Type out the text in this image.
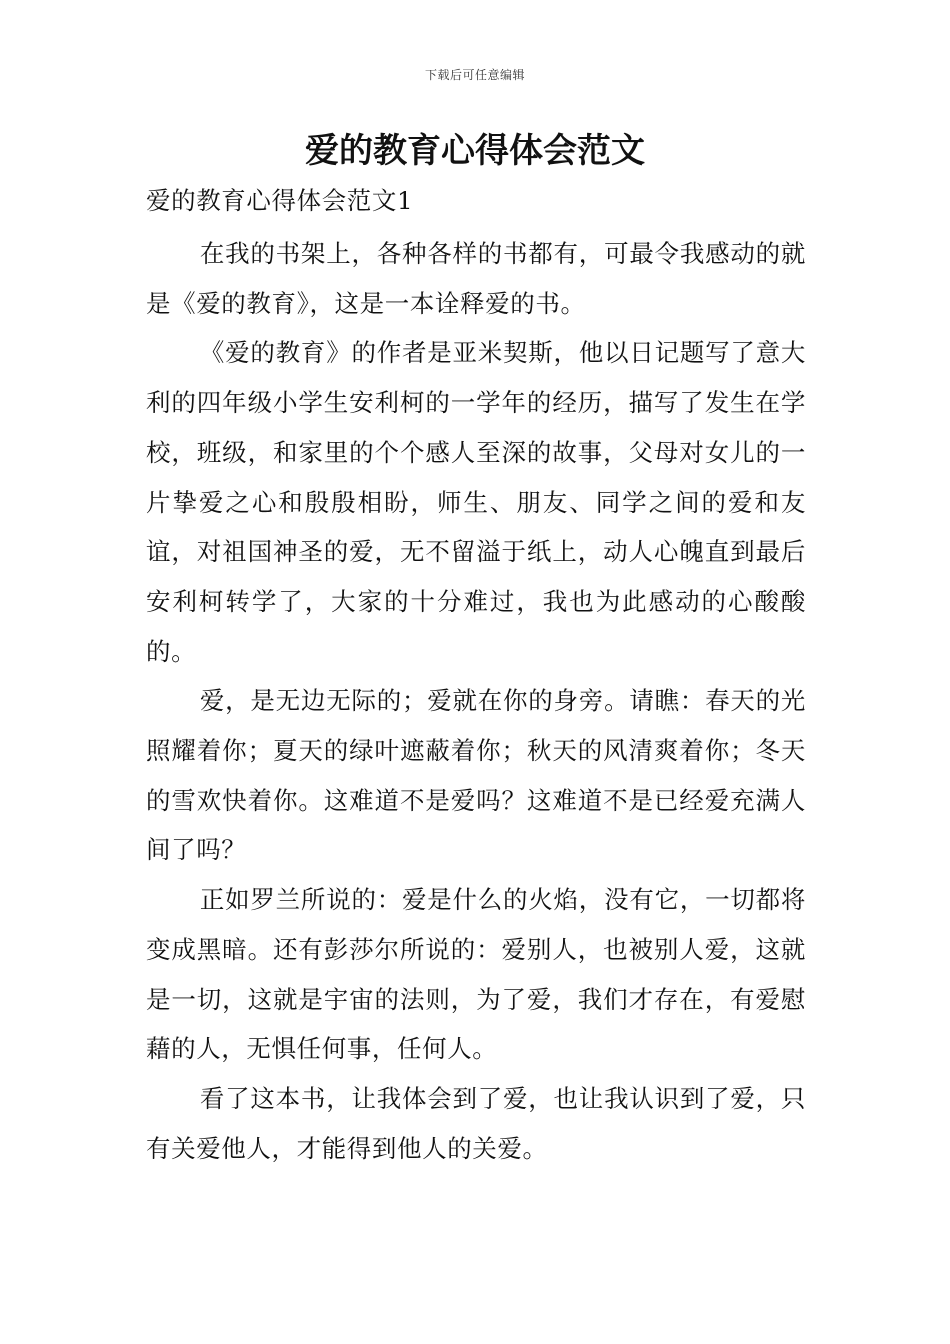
下载后可任意编辑
爱的教育心得体会范文

爱的教育心得体会范文1

在我的书架上，各种各样的书都有，可最令我感动的就是《爱的教育》，这是一本诠释爱的书。

《爱的教育》的作者是亚米契斯，他以日记题写了意大利的四年级小学生安利柯的一学年的经历，描写了发生在学校，班级，和家里的个个感人至深的故事，父母对女儿的一片挚爱之心和殷殷相盼，师生、朋友、同学之间的爱和友谊，对祖国神圣的爱，无不留溢于纸上，动人心魄直到最后安利柯转学了，大家的十分难过，我也为此感动的心酸酸的。

爱，是无边无际的；爱就在你的身旁。请瞧：春天的光照耀着你；夏天的绿叶遮蔽着你；秋天的风清爽着你；冬天的雪欢快着你。这难道不是爱吗？这难道不是已经爱充满人间了吗？

正如罗兰所说的：爱是什么的火焰，没有它，一切都将变成黑暗。还有彭莎尔所说的：爱别人，也被别人爱，这就是一切，这就是宇宙的法则，为了爱，我们才存在，有爱慰藉的人，无惧任何事，任何人。

看了这本书，让我体会到了爱，也让我认识到了爱，只有关爱他人，才能得到他人的关爱。
